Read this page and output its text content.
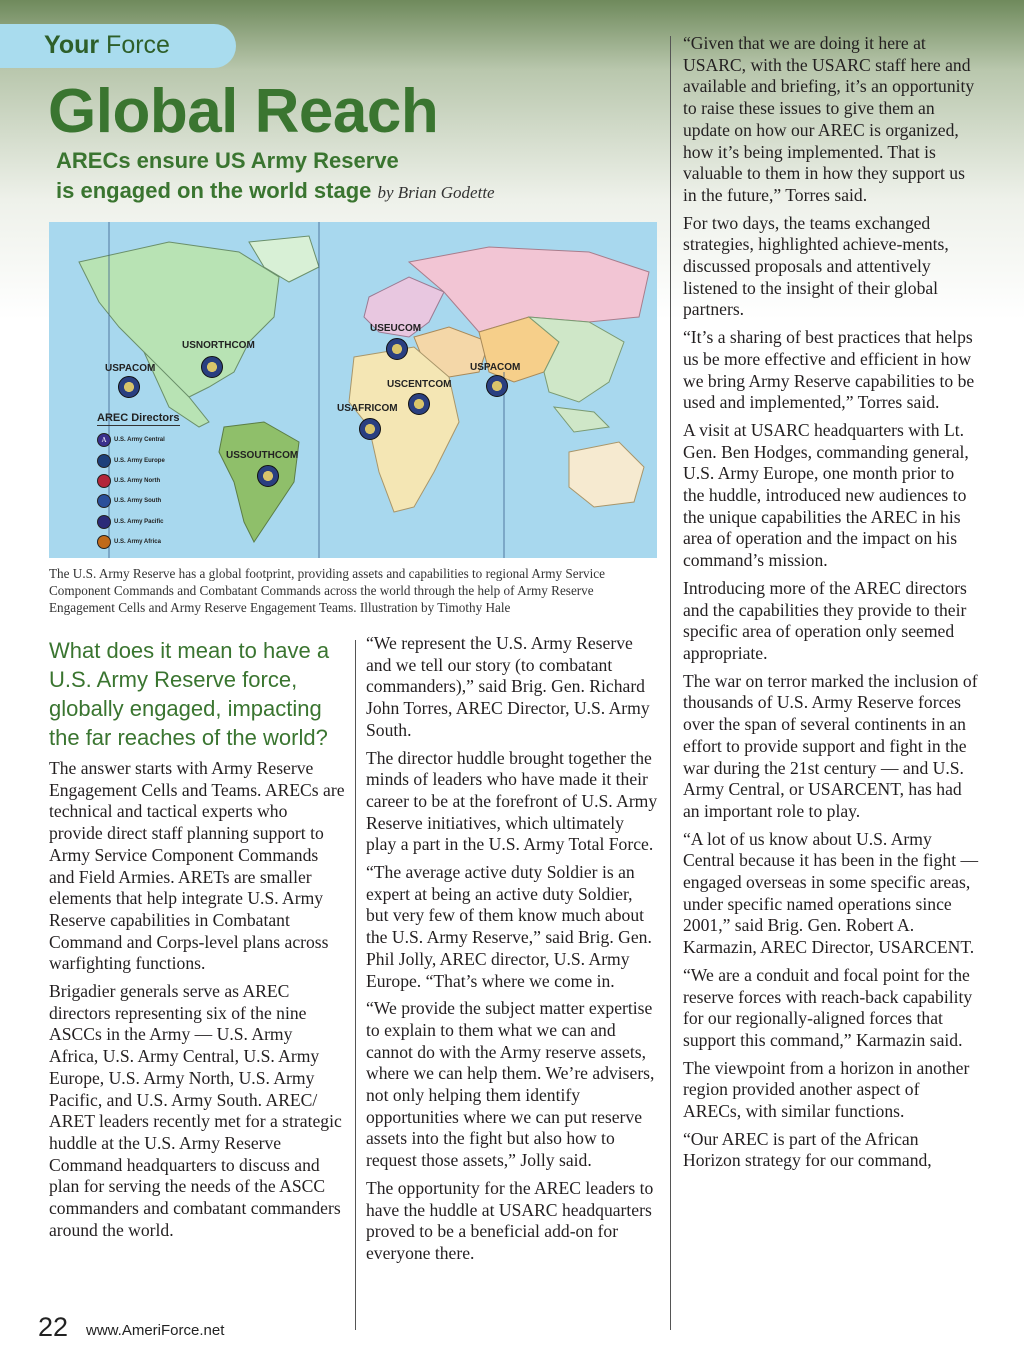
Your Force
Global Reach
ARECs ensure US Army Reserve
is engaged on the world stage by Brian Godette
USNORTHCOM
USPACOM
USEUCOM
USCENTCOM
USPACOM
USAFRICOM
USSOUTHCOM
AREC Directors
A	U.S. Army Central
U.S. Army Europe
U.S. Army North
U.S. Army South
U.S. Army Pacific
U.S. Army Africa
The U.S. Army Reserve has a global footprint, providing assets and capabilities to regional Army Service Component Commands and Combatant Commands across the world through the help of Army Reserve Engagement Cells and Army Reserve Engagement Teams. Illustration by Timothy Hale
What does it mean to have a U.S. Army Reserve force, globally engaged, impacting the far reaches of the world?

The answer starts with Army Reserve Engagement Cells and Teams. ARECs are technical and tactical experts who provide direct staff planning support to Army Service Component Commands and Field Armies. ARETs are smaller elements that help integrate U.S. Army Reserve capabilities in Combatant Command and Corps-level plans across warfighting functions.

Brigadier generals serve as AREC directors representing six of the nine ASCCs in the Army — U.S. Army Africa, U.S. Army Central, U.S. Army Europe, U.S. Army North, U.S. Army Pacific, and U.S. Army South. AREC/ ARET leaders recently met for a strategic huddle at the U.S. Army Reserve Command headquarters to discuss and plan for serving the needs of the ASCC commanders and combatant commanders around the world.

“We represent the U.S. Army Reserve and we tell our story (to combatant commanders),” said Brig. Gen. Richard John Torres, AREC Director, U.S. Army South.

The director huddle brought together the minds of leaders who have made it their career to be at the forefront of U.S. Army Reserve initiatives, which ultimately play a part in the U.S. Army Total Force.

“The average active duty Soldier is an expert at being an active duty Soldier, but very few of them know much about the U.S. Army Reserve,” said Brig. Gen. Phil Jolly, AREC director, U.S. Army Europe. “That’s where we come in.

“We provide the subject matter expertise to explain to them what we can and cannot do with the Army reserve assets, where we can help them. We’re advisers, not only helping them identify opportunities where we can put reserve assets into the fight but also how to request those assets,” Jolly said.

The opportunity for the AREC leaders to have the huddle at USARC headquarters proved to be a beneficial add-on for everyone there.

“Given that we are doing it here at USARC, with the USARC staff here and available and briefing, it’s an opportunity to raise these issues to give them an update on how our AREC is organized, how it’s being implemented. That is valuable to them in how they support us in the future,” Torres said.

For two days, the teams exchanged strategies, highlighted achieve-ments, discussed proposals and attentively listened to the insight of their global partners.

“It’s a sharing of best practices that helps us be more effective and efficient in how we bring Army Reserve capabilities to be used and implemented,” Torres said.

A visit at USARC headquarters with Lt. Gen. Ben Hodges, commanding general, U.S. Army Europe, one month prior to the huddle, introduced new audiences to the unique capabilities the AREC in his area of operation and the impact on his command’s mission.

Introducing more of the AREC directors and the capabilities they provide to their specific area of operation only seemed appropriate.

The war on terror marked the inclusion of thousands of U.S. Army Reserve forces over the span of several continents in an effort to provide support and fight in the war during the 21st century — and U.S. Army Central, or USARCENT, has had an important role to play.

“A lot of us know about U.S. Army Central because it has been in the fight — engaged overseas in some specific areas, under specific named operations since 2001,” said Brig. Gen. Robert A. Karmazin, AREC Director, USARCENT.

“We are a conduit and focal point for the reserve forces with reach-back capability for our regionally-aligned forces that support this command,” Karmazin said.

The viewpoint from a horizon in another region provided another aspect of ARECs, with similar functions.

“Our AREC is part of the African Horizon strategy for our command,

22 www.AmeriForce.net
